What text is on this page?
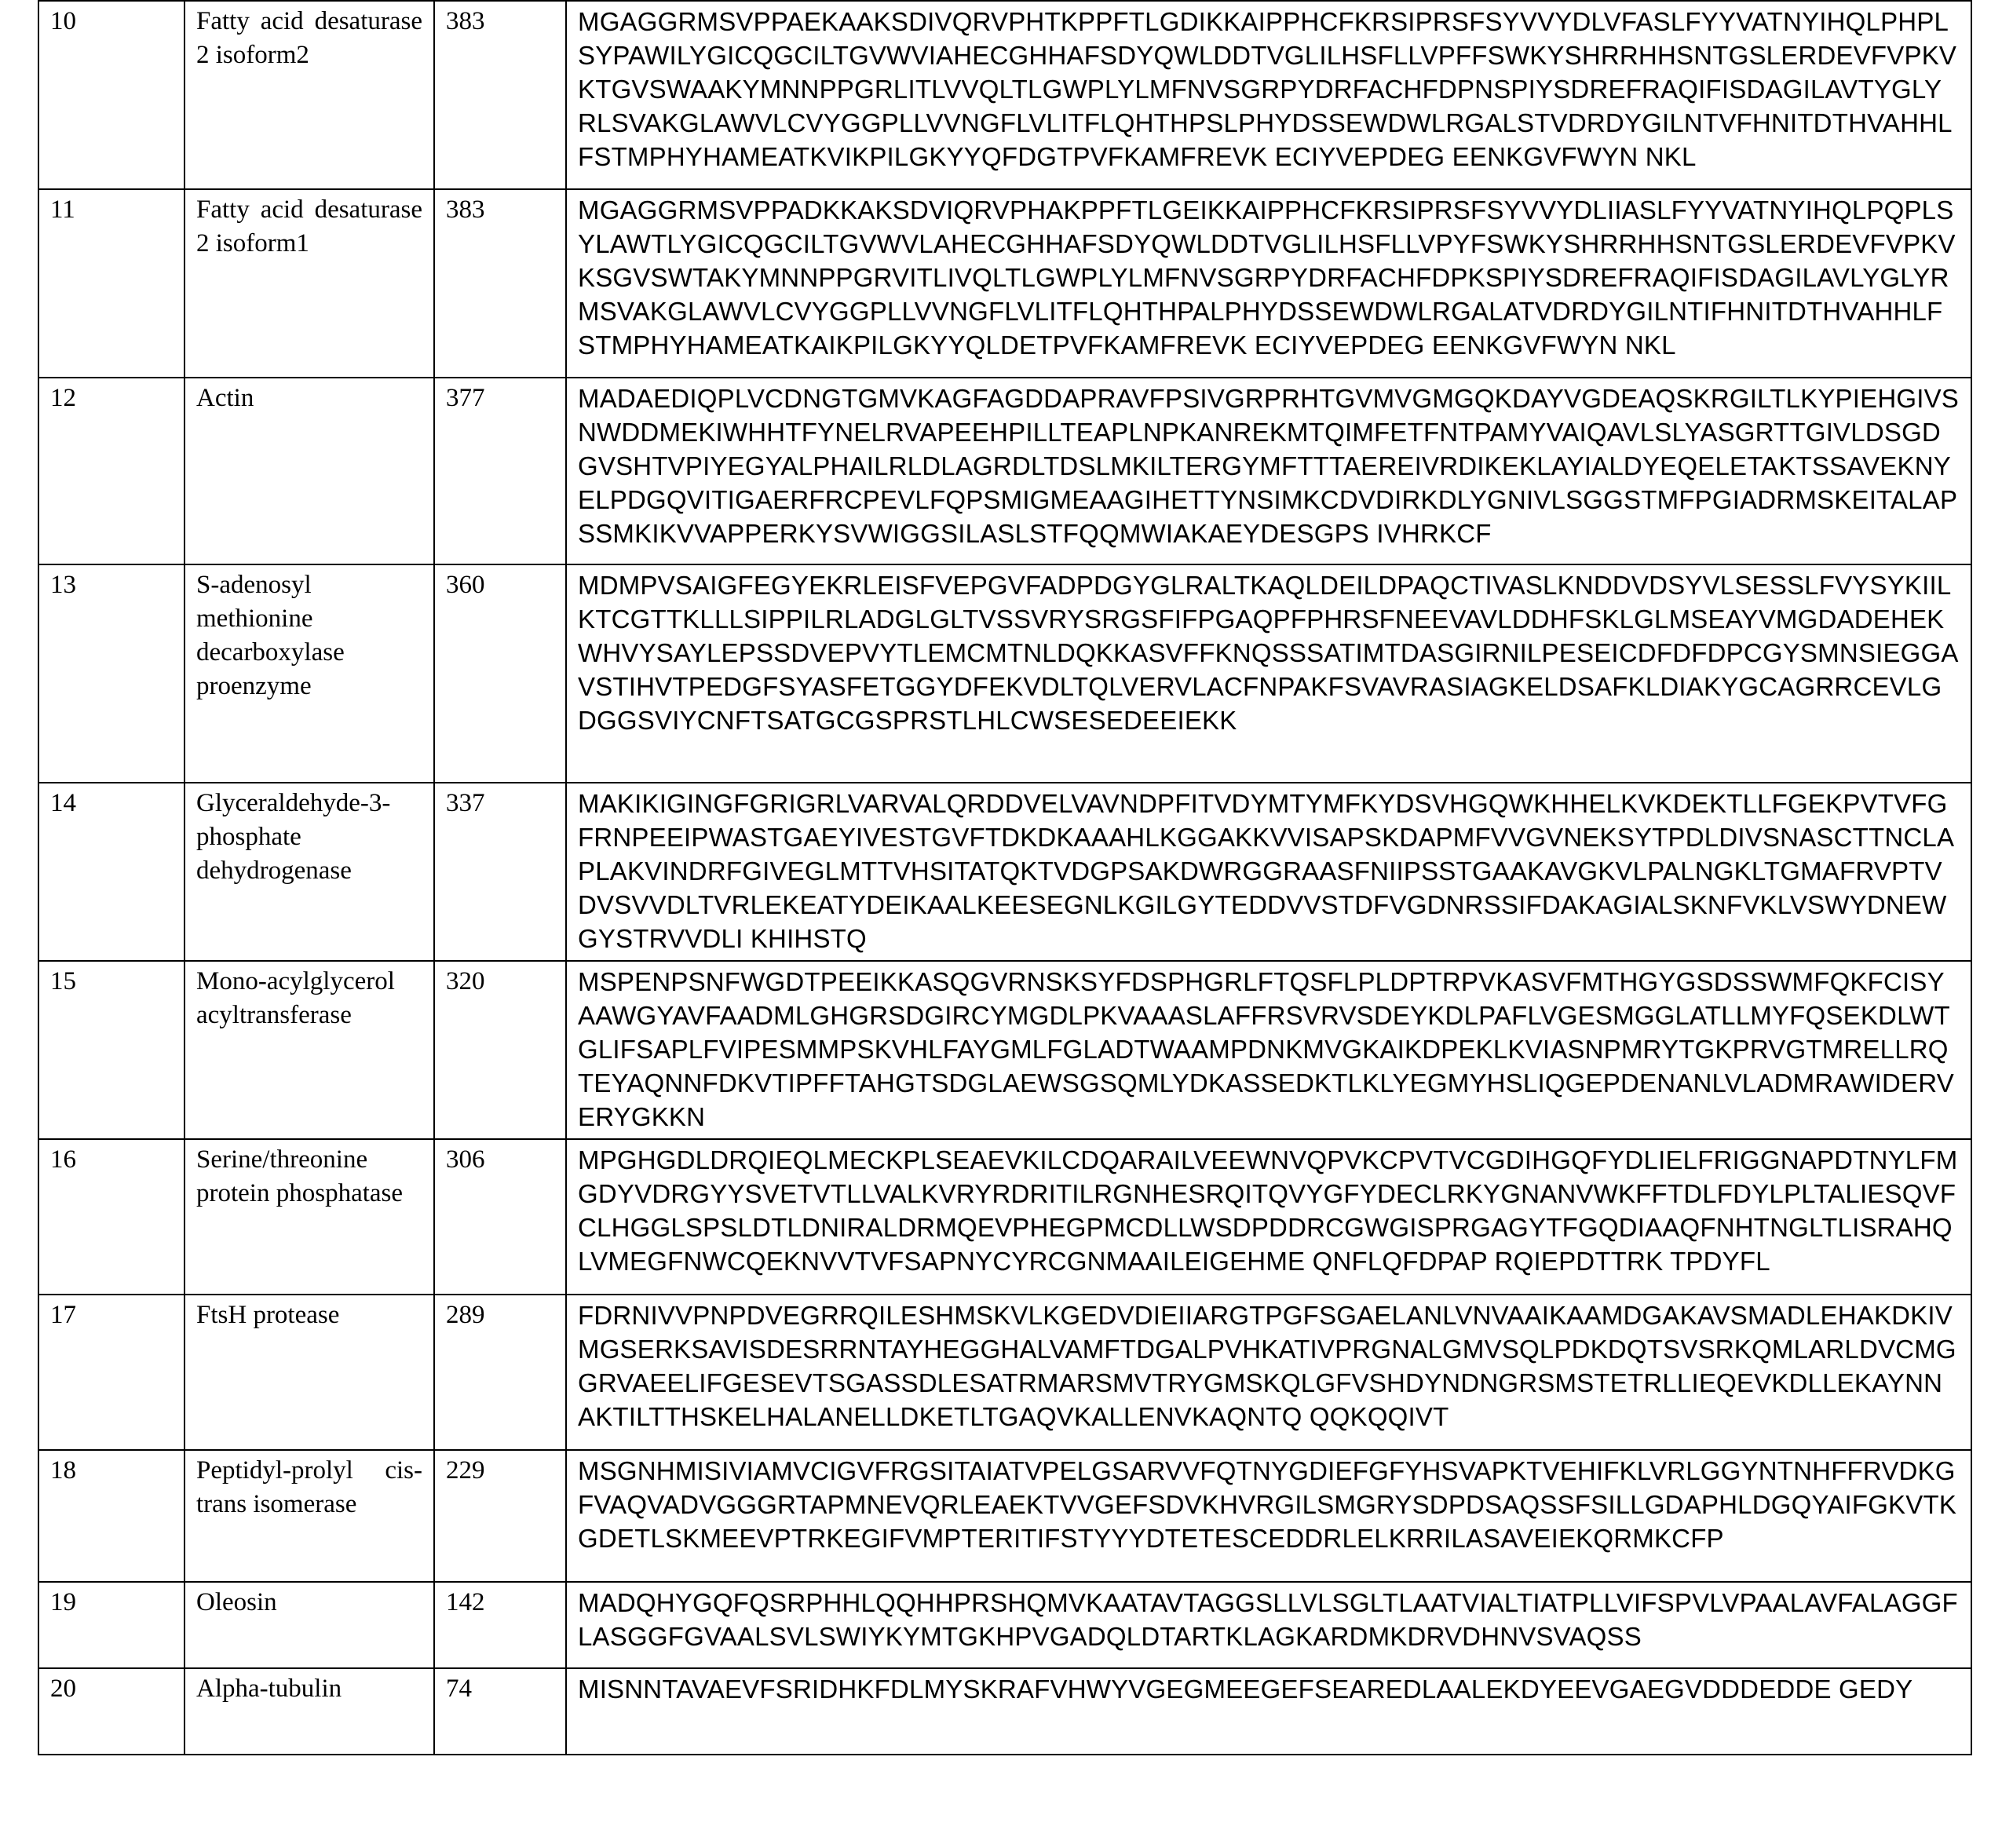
10	Fatty acid desaturase 2 isoform2	383	MGAGGRMSVPPAEKAAKSDIVQRVPHTKPPFTLGDIKKAIPPHCFKRSIPRSFSYVVYDLVFASLFYYVATNYIHQLPHPLSYPAWILYGICQGCILTGVWVIAHECGHHAFSDYQWLDDTVGLILHSFLLVPFFSWKYSHRRHHSNTGSLERDEVFVPKVKTGVSWAAKYMNNPPGRLITLVVQLTLGWPLYLMFNVSGRPYDRFACHFDPNSPIYSDREFRAQIFISDAGILAVTYGLYRLSVAKGLAWVLCVYGGPLLVVNGFLVLITFLQHTHPSLPHYDSSEWDWLRGALSTVDRDYGILNTVFHNITDTHVAHHLFSTMPHYHAMEATKVIKPILGKYYQFDGTPVFKAMFREVK ECIYVEPDEG EENKGVFWYN NKL
11	Fatty acid desaturase 2 isoform1	383	MGAGGRMSVPPADKKAKSDVIQRVPHAKPPFTLGEIKKAIPPHCFKRSIPRSFSYVVYDLIIASLFYYVATNYIHQLPQPLSYLAWTLYGICQGCILTGVWVLAHECGHHAFSDYQWLDDTVGLILHSFLLVPYFSWKYSHRRHHSNTGSLERDEVFVPKVKSGVSWTAKYMNNPPGRVITLIVQLTLGWPLYLMFNVSGRPYDRFACHFDPKSPIYSDREFRAQIFISDAGILAVLYGLYRMSVAKGLAWVLCVYGGPLLVVNGFLVLITFLQHTHPALPHYDSSEWDWLRGALATVDRDYGILNTIFHNITDTHVAHHLFSTMPHYHAMEATKAIKPILGKYYQLDETPVFKAMFREVK ECIYVEPDEG EENKGVFWYN NKL
12	Actin	377	MADAEDIQPLVCDNGTGMVKAGFAGDDAPRAVFPSIVGRPRHTGVMVGMGQKDAYVGDEAQSKRGILTLKYPIEHGIVSNWDDMEKIWHHTFYNELRVAPEEHPILLTEAPLNPKANREKMTQIMFETFNTPAMYVAIQAVLSLYASGRTTGIVLDSGDGVSHTVPIYEGYALPHAILRLDLAGRDLTDSLMKILTERGYMFTTTAEREIVRDIKEKLAYIALDYEQELETAKTSSAVEKNYELPDGQVITIGAERFRCPEVLFQPSMIGMEAAGIHETTYNSIMKCDVDIRKDLYGNIVLSGGSTMFPGIADRMSKEITALAPSSMKIKVVAPPERKYSVWIGGSILASLSTFQQMWIAKAEYDESGPS IVHRKCF
13	S-adenosyl methionine decarboxylase proenzyme	360	MDMPVSAIGFEGYEKRLEISFVEPGVFADPDGYGLRALTKAQLDEILDPAQCTIVASLKNDDVDSYVLSESSLFVYSYKIILKTCGTTKLLLSIPPILRLADGLGLTVSSVRYSRGSFIFPGAQPFPHRSFNEEVAVLDDHFSKLGLMSEAYVMGDADEHEKWHVYSAYLEPSSDVEPVYTLEMCMTNLDQKKASVFFKNQSSSATIMTDASGIRNILPESEICDFDFDPCGYSMNSIEGGAVSTIHVTPEDGFSYASFETGGYDFEKVDLTQLVERVLACFNPAKFSVAVRASIAGKELDSAFKLDIAKYGCAGRRCEVLGDGGSVIYCNFTSATGCGSPRSTLHLCWSESEDEEIEKK
14	Glyceraldehyde-3-phosphate dehydrogenase	337	MAKIKIGINGFGRIGRLVARVALQRDDVELVAVNDPFITVDYMTYMFKYDSVHGQWKHHELKVKDEKTLLFGEKPVTVFGFRNPEEIPWASTGAEYIVESTGVFTDKDKAAAHLKGGAKKVVISAPSKDAPMFVVGVNEKSYTPDLDIVSNASCTTNCLAPLAKVINDRFGIVEGLMTTVHSITATQKTVDGPSAKDWRGGRAASFNIIPSSTGAAKAVGKVLPALNGKLTGMAFRVPTVDVSVVDLTVRLEKEATYDEIKAALKEESEGNLKGILGYTEDDVVSTDFVGDNRSSIFDAKAGIALSKNFVKLVSWYDNEW GYSTRVVDLI KHIHSTQ
15	Mono-acylglycerol acyltransferase	320	MSPENPSNFWGDTPEEIKKASQGVRNSKSYFDSPHGRLFTQSFLPLDPTRPVKASVFMTHGYGSDSSWMFQKFCISYAAWGYAVFAADMLGHGRSDGIRCYMGDLPKVAAASLAFFRSVRVSDEYKDLPAFLVGESMGGLATLLMYFQSEKDLWTGLIFSAPLFVIPESMMPSKVHLFAYGMLFGLADTWAAMPDNKMVGKAIKDPEKLKVIASNPMRYTGKPRVGTMRELLRQTEYAQNNFDKVTIPFFTAHGTSDGLAEWSGSQMLYDKASSEDKTLKLYEGMYHSLIQGEPDENANLVLADMRAWIDERVERYGKKN
16	Serine/threonine protein phosphatase	306	MPGHGDLDRQIEQLMECKPLSEAEVKILCDQARAILVEEWNVQPVKCPVTVCGDIHGQFYDLIELFRIGGNAPDTNYLFMGDYVDRGYYSVETVTLLVALKVRYRDRITILRGNHESRQITQVYGFYDECLRKYGNANVWKFFTDLFDYLPLTALIESQVFCLHGGLSPSLDTLDNIRALDRMQEVPHEGPMCDLLWSDPDDRCGWGISPRGAGYTFGQDIAAQFNHTNGLTLISRAHQLVMEGFNWCQEKNVVTVFSAPNYCYRCGNMAAILEIGEHME QNFLQFDPAP RQIEPDTTRK TPDYFL
17	FtsH protease	289	FDRNIVVPNPDVEGRRQILESHMSKVLKGEDVDIEIIARGTPGFSGAELANLVNVAAIKAAMDGAKAVSMADLEHAKDKIVMGSERKSAVISDESRRNTAYHEGGHALVAMFTDGALPVHKATIVPRGNALGMVSQLPDKDQTSVSRKQMLARLDVCMGGRVAEELIFGESEVTSGASSDLESATRMARSMVTRYGMSKQLGFVSHDYNDNGRSMSTETRLLIEQEVKDLLEKAYNNAKTILTTHSKELHALANELLDKETLTGAQVKALLENVKAQNTQ QQKQQIVT
18	Peptidyl-prolyl cis-trans isomerase	229	MSGNHMISIVIAMVCIGVFRGSITAIATVPELGSARVVFQTNYGDIEFGFYHSVAPKTVEHIFKLVRLGGYNTNHFFRVDKGFVAQVADVGGGRTAPMNEVQRLEAEKTVVGEFSDVKHVRGILSMGRYSDPDSAQSSFSILLGDAPHLDGQYAIFGKVTKGDETLSKMEEVPTRKEGIFVMPTERITIFSTYYYDTETESCEDDRLELKRRILASAVEIEKQRMKCFP
19	Oleosin	142	MADQHYGQFQSRPHHLQQHHPRSHQMVKAATAVTAGGSLLVLSGLTLAATVIALTIATPLLVIFSPVLVPAALAVFALAGGFLASGGFGVAALSVLSWIYKYMTGKHPVGADQLDTARTKLAGKARDMKDRVDHNVSVAQSS
20	Alpha-tubulin	74	MISNNTAVAEVFSRIDHKFDLMYSKRAFVHWYVGEGMEEGEFSEAREDLAALEKDYEEVGAEGVDDDEDDE GEDY
